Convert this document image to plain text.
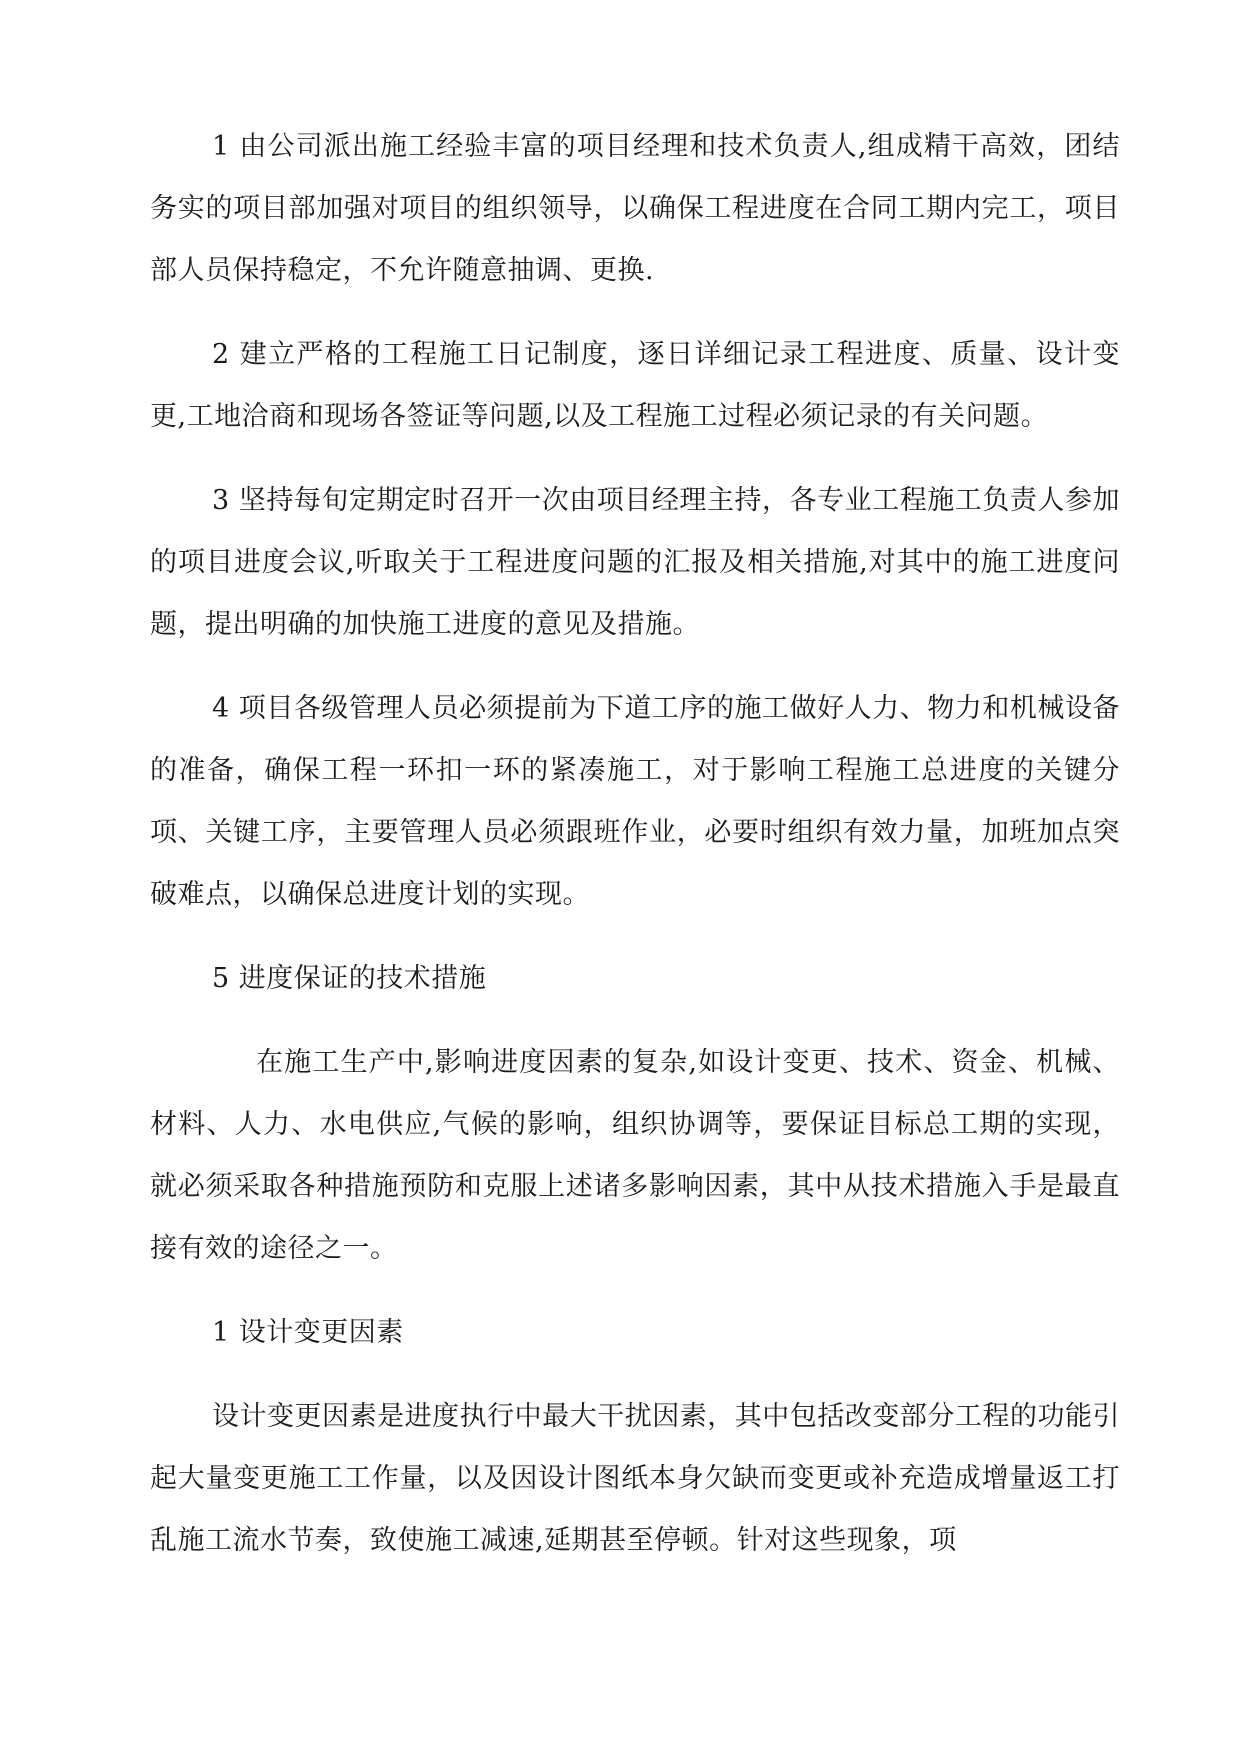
1 由公司派出施工经验丰富的项目经理和技术负责人,组成精干高效，团结务实的项目部加强对项目的组织领导，以确保工程进度在合同工期内完工，项目部人员保持稳定，不允许随意抽调、更换.

2 建立严格的工程施工日记制度，逐日详细记录工程进度、质量、设计变更,工地洽商和现场各签证等问题,以及工程施工过程必须记录的有关问题。

3 坚持每旬定期定时召开一次由项目经理主持，各专业工程施工负责人参加的项目进度会议,听取关于工程进度问题的汇报及相关措施,对其中的施工进度问题，提出明确的加快施工进度的意见及措施。

4 项目各级管理人员必须提前为下道工序的施工做好人力、物力和机械设备的准备，确保工程一环扣一环的紧凑施工，对于影响工程施工总进度的关键分项、关键工序，主要管理人员必须跟班作业，必要时组织有效力量，加班加点突破难点，以确保总进度计划的实现。

5 进度保证的技术措施

在施工生产中,影响进度因素的复杂,如设计变更、技术、资金、机械、材料、人力、水电供应,气候的影响，组织协调等，要保证目标总工期的实现，就必须采取各种措施预防和克服上述诸多影响因素，其中从技术措施入手是最直接有效的途径之一。

1 设计变更因素

设计变更因素是进度执行中最大干扰因素，其中包括改变部分工程的功能引起大量变更施工工作量，以及因设计图纸本身欠缺而变更或补充造成增量返工打乱施工流水节奏，致使施工减速,延期甚至停顿。针对这些现象，项
